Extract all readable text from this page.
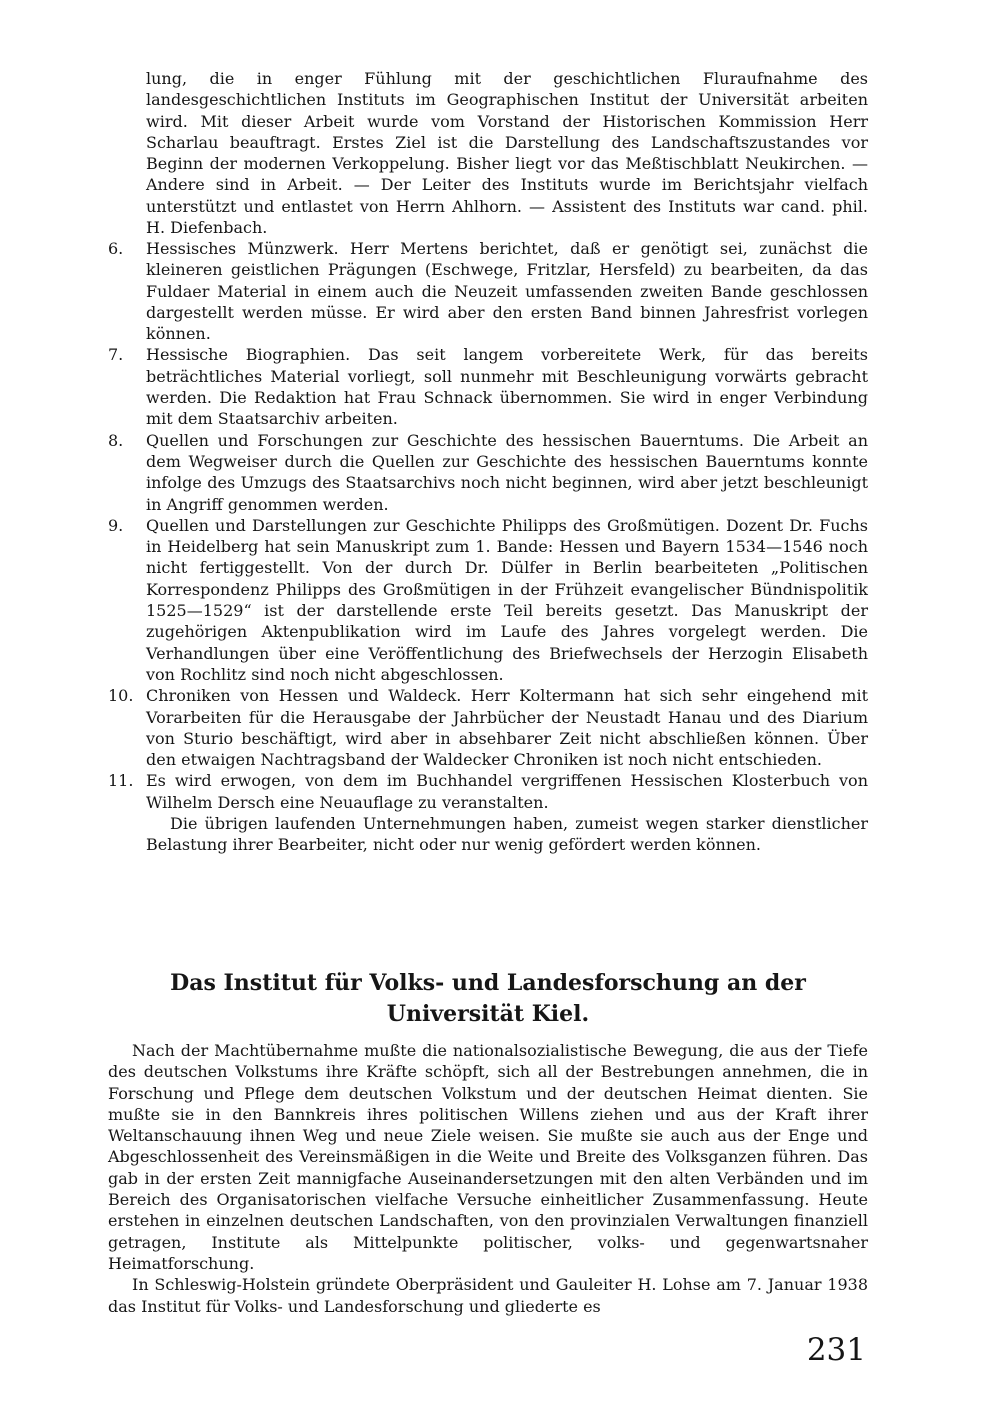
lung, die in enger Fühlung mit der geschichtlichen Fluraufnahme des landesgeschichtlichen Instituts im Geographischen Institut der Universität arbeiten wird. Mit dieser Arbeit wurde vom Vorstand der Historischen Kommission Herr Scharlau beauftragt. Erstes Ziel ist die Darstellung des Landschaftszustandes vor Beginn der modernen Verkoppelung. Bisher liegt vor das Meßtischblatt Neukirchen. — Andere sind in Arbeit. — Der Leiter des Instituts wurde im Berichtsjahr vielfach unterstützt und entlastet von Herrn Ahlhorn. — Assistent des Instituts war cand. phil. H. Diefenbach.
6. Hessisches Münzwerk. Herr Mertens berichtet, daß er genötigt sei, zunächst die kleineren geistlichen Prägungen (Eschwege, Fritzlar, Hersfeld) zu bearbeiten, da das Fuldaer Material in einem auch die Neuzeit umfassenden zweiten Bande geschlossen dargestellt werden müsse. Er wird aber den ersten Band binnen Jahresfrist vorlegen können.
7. Hessische Biographien. Das seit langem vorbereitete Werk, für das bereits beträchtliches Material vorliegt, soll nunmehr mit Beschleunigung vorwärts gebracht werden. Die Redaktion hat Frau Schnack übernommen. Sie wird in enger Verbindung mit dem Staatsarchiv arbeiten.
8. Quellen und Forschungen zur Geschichte des hessischen Bauerntums. Die Arbeit an dem Wegweiser durch die Quellen zur Geschichte des hessischen Bauerntums konnte infolge des Umzugs des Staatsarchivs noch nicht beginnen, wird aber jetzt beschleunigt in Angriff genommen werden.
9. Quellen und Darstellungen zur Geschichte Philipps des Großmütigen. Dozent Dr. Fuchs in Heidelberg hat sein Manuskript zum 1. Bande: Hessen und Bayern 1534—1546 noch nicht fertiggestellt. Von der durch Dr. Dülfer in Berlin bearbeiteten „Politischen Korrespondenz Philipps des Großmütigen in der Frühzeit evangelischer Bündnispolitik 1525—1529“ ist der darstellende erste Teil bereits gesetzt. Das Manuskript der zugehörigen Aktenpublikation wird im Laufe des Jahres vorgelegt werden. Die Verhandlungen über eine Veröffentlichung des Briefwechsels der Herzogin Elisabeth von Rochlitz sind noch nicht abgeschlossen.
10. Chroniken von Hessen und Waldeck. Herr Koltermann hat sich sehr eingehend mit Vorarbeiten für die Herausgabe der Jahrbücher der Neustadt Hanau und des Diarium von Sturio beschäftigt, wird aber in absehbarer Zeit nicht abschließen können. Über den etwaigen Nachtragsband der Waldecker Chroniken ist noch nicht entschieden.
11. Es wird erwogen, von dem im Buchhandel vergriffenen Hessischen Klosterbuch von Wilhelm Dersch eine Neuauflage zu veranstalten.
Die übrigen laufenden Unternehmungen haben, zumeist wegen starker dienstlicher Belastung ihrer Bearbeiter, nicht oder nur wenig gefördert werden können.
Das Institut für Volks- und Landesforschung an der Universität Kiel.
Nach der Machtübernahme mußte die nationalsozialistische Bewegung, die aus der Tiefe des deutschen Volkstums ihre Kräfte schöpft, sich all der Bestrebungen annehmen, die in Forschung und Pflege dem deutschen Volkstum und der deutschen Heimat dienten. Sie mußte sie in den Bannkreis ihres politischen Willens ziehen und aus der Kraft ihrer Weltanschauung ihnen Weg und neue Ziele weisen. Sie mußte sie auch aus der Enge und Abgeschlossenheit des Vereinsmäßigen in die Weite und Breite des Volksganzen führen. Das gab in der ersten Zeit mannigfache Auseinandersetzungen mit den alten Verbänden und im Bereich des Organisatorischen vielfache Versuche einheitlicher Zusammenfassung. Heute erstehen in einzelnen deutschen Landschaften, von den provinzialen Verwaltungen finanziell getragen, Institute als Mittelpunkte politischer, volks- und gegenwartsnaher Heimatforschung.
In Schleswig-Holstein gründete Oberpräsident und Gauleiter H. Lohse am 7. Januar 1938 das Institut für Volks- und Landesforschung und gliederte es
231
